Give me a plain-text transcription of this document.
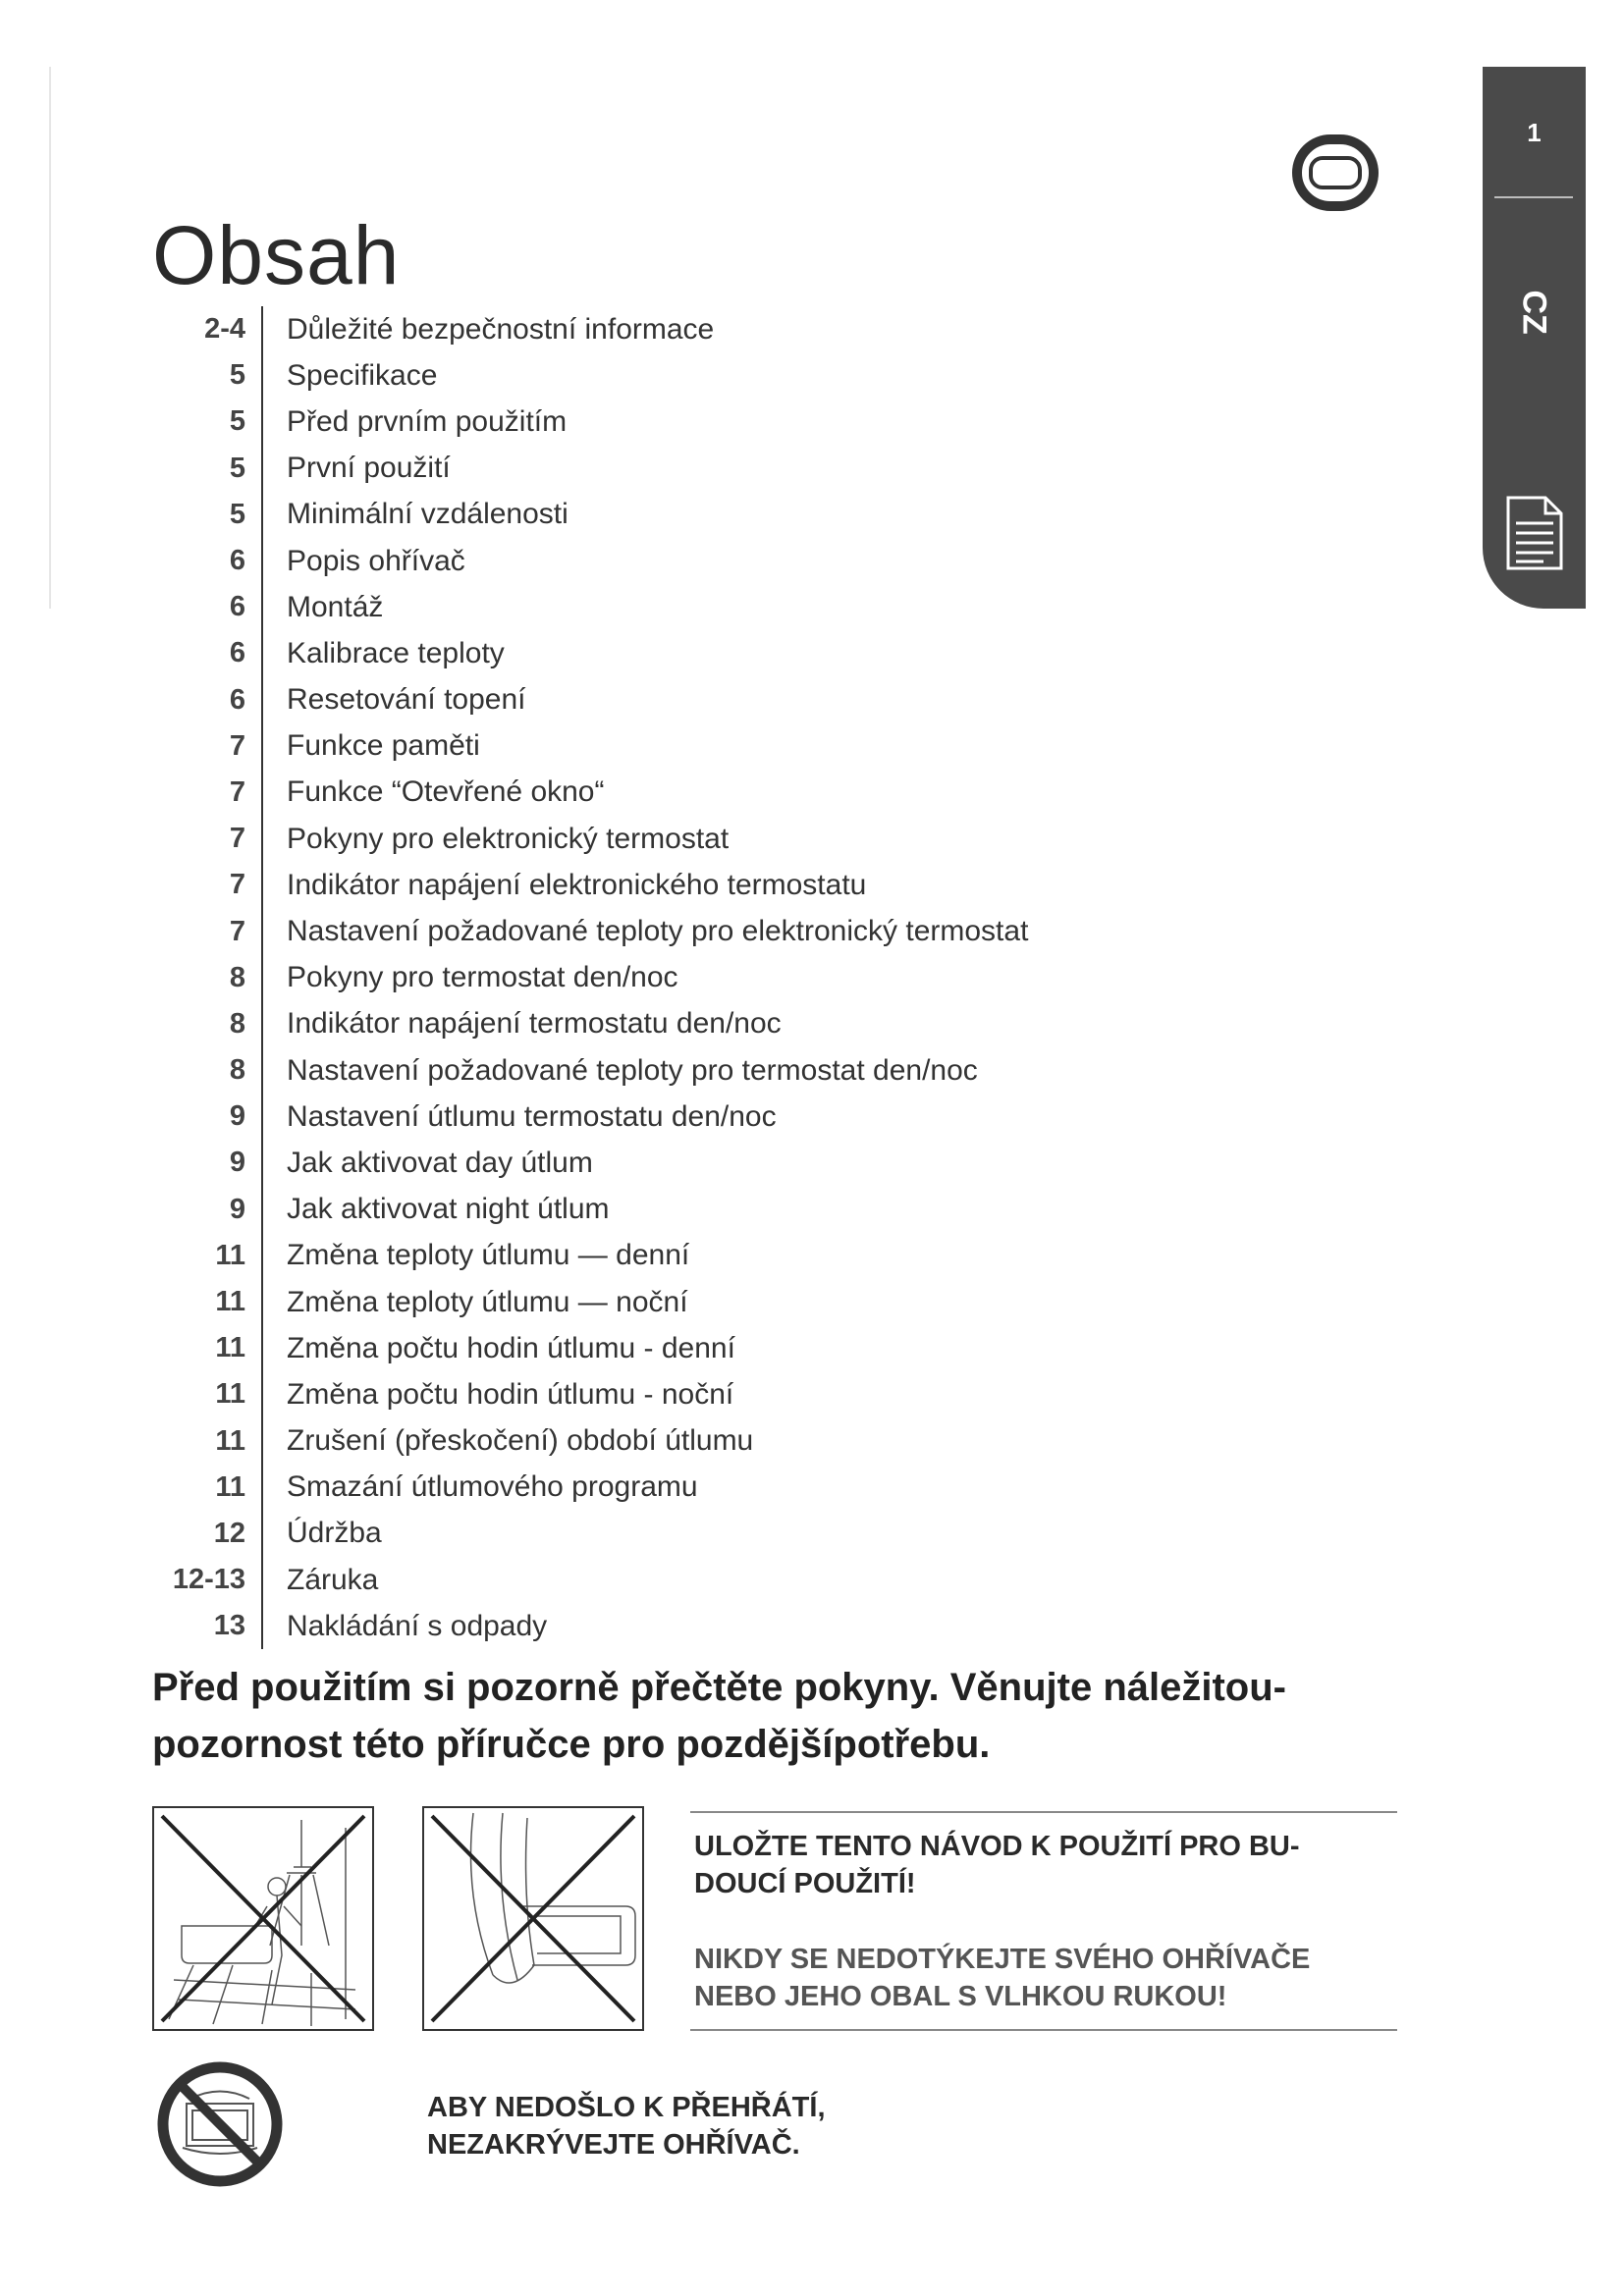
1
CZ
Obsah
2-4	Důležité bezpečnostní informace
5	Specifikace
5	Před prvním použitím
5	První použití
5	Minimální vzdálenosti
6	Popis ohřívač
6	Montáž
6	Kalibrace teploty
6	Resetování topení
7	Funkce paměti
7	Funkce “Otevřené okno“
7	Pokyny pro elektronický termostat
7	Indikátor napájení elektronického termostatu
7	Nastavení požadované teploty pro elektronický termostat
8	Pokyny pro termostat den/noc
8	Indikátor napájení termostatu den/noc
8	Nastavení požadované teploty pro termostat den/noc
9	Nastavení útlumu termostatu den/noc
9	Jak aktivovat day útlum
9	Jak aktivovat night útlum
11	Změna teploty útlumu — denní
11	Změna teploty útlumu — noční
11	Změna počtu hodin útlumu - denní
11	Změna počtu hodin útlumu - noční
11	Zrušení (přeskočení) období útlumu
11	Smazání útlumového programu
12	Údržba
12-13	Záruka
13	Nakládání s odpady
Před použitím si pozorně přečtěte pokyny. Věnujte náležitou-
pozornost této příručce pro pozdějšípotřebu.
ULOŽTE TENTO NÁVOD K POUŽITÍ PRO BU-
DOUCÍ POUŽITÍ!
NIKDY SE NEDOTÝKEJTE SVÉHO OHŘÍVAČE
NEBO JEHO OBAL S VLHKOU RUKOU!
ABY NEDOŠLO K PŘEHŘÁTÍ,
NEZAKRÝVEJTE OHŘÍVAČ.
